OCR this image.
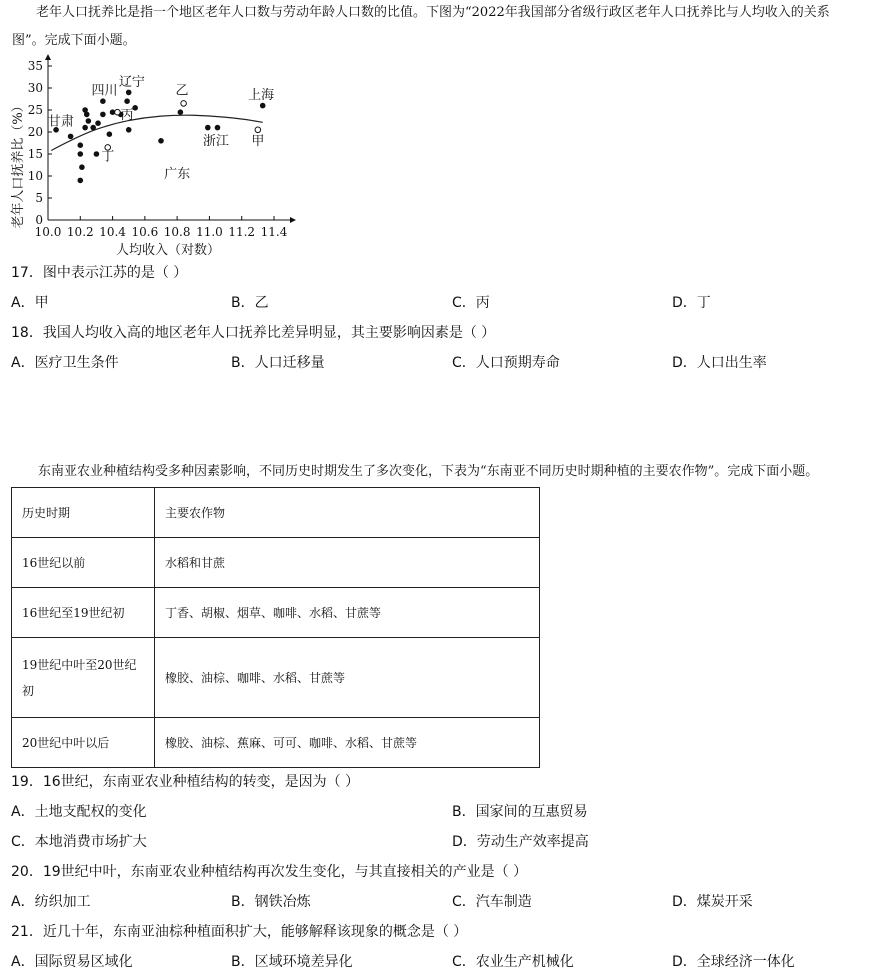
老年人口抚养比是指一个地区老年人口数与劳动年龄人口数的比值。下图为“2022年我国部分省级行政区老年人口抚养比与人均收入的关系
图”。完成下面小题。
10.0 10.2 10.4 10.6 10.8 11.0 11.2 11.4
0
5
10
15
20
25
30
35
四川
辽宁
乙	上海
甘肃	丙
浙江 甲
丁
广东
人均收入（对数）
老年人口抚养比（%）
17．图中表示江苏的是（ ）
A．甲	B．乙	C．丙	D．丁
18．我国人均收入高的地区老年人口抚养比差异明显，其主要影响因素是（ ）
A．医疗卫生条件	B．人口迁移量	C．人口预期寿命	D．人口出生率
东南亚农业种植结构受多种因素影响，不同历史时期发生了多次变化，下表为“东南亚不同历史时期种植的主要农作物”。完成下面小题。
历史时期	主要农作物
16世纪以前	水稻和甘蔗
16世纪至19世纪初	丁香、胡椒、烟草、咖啡、水稻、甘蔗等
19世纪中叶至20世纪初	橡胶、油棕、咖啡、水稻、甘蔗等
20世纪中叶以后	橡胶、油棕、蕉麻、可可、咖啡、水稻、甘蔗等
19．16世纪，东南亚农业种植结构的转变，是因为（ ）
A．土地支配权的变化	B．国家间的互惠贸易
C．本地消费市场扩大	D．劳动生产效率提高
20．19世纪中叶，东南亚农业种植结构再次发生变化，与其直接相关的产业是（ ）
A．纺织加工	B．钢铁冶炼	C．汽车制造	D．煤炭开采
21．近几十年，东南亚油棕种植面积扩大，能够解释该现象的概念是（ ）
A．国际贸易区域化	B．区域环境差异化	C．农业生产机械化	D．全球经济一体化
